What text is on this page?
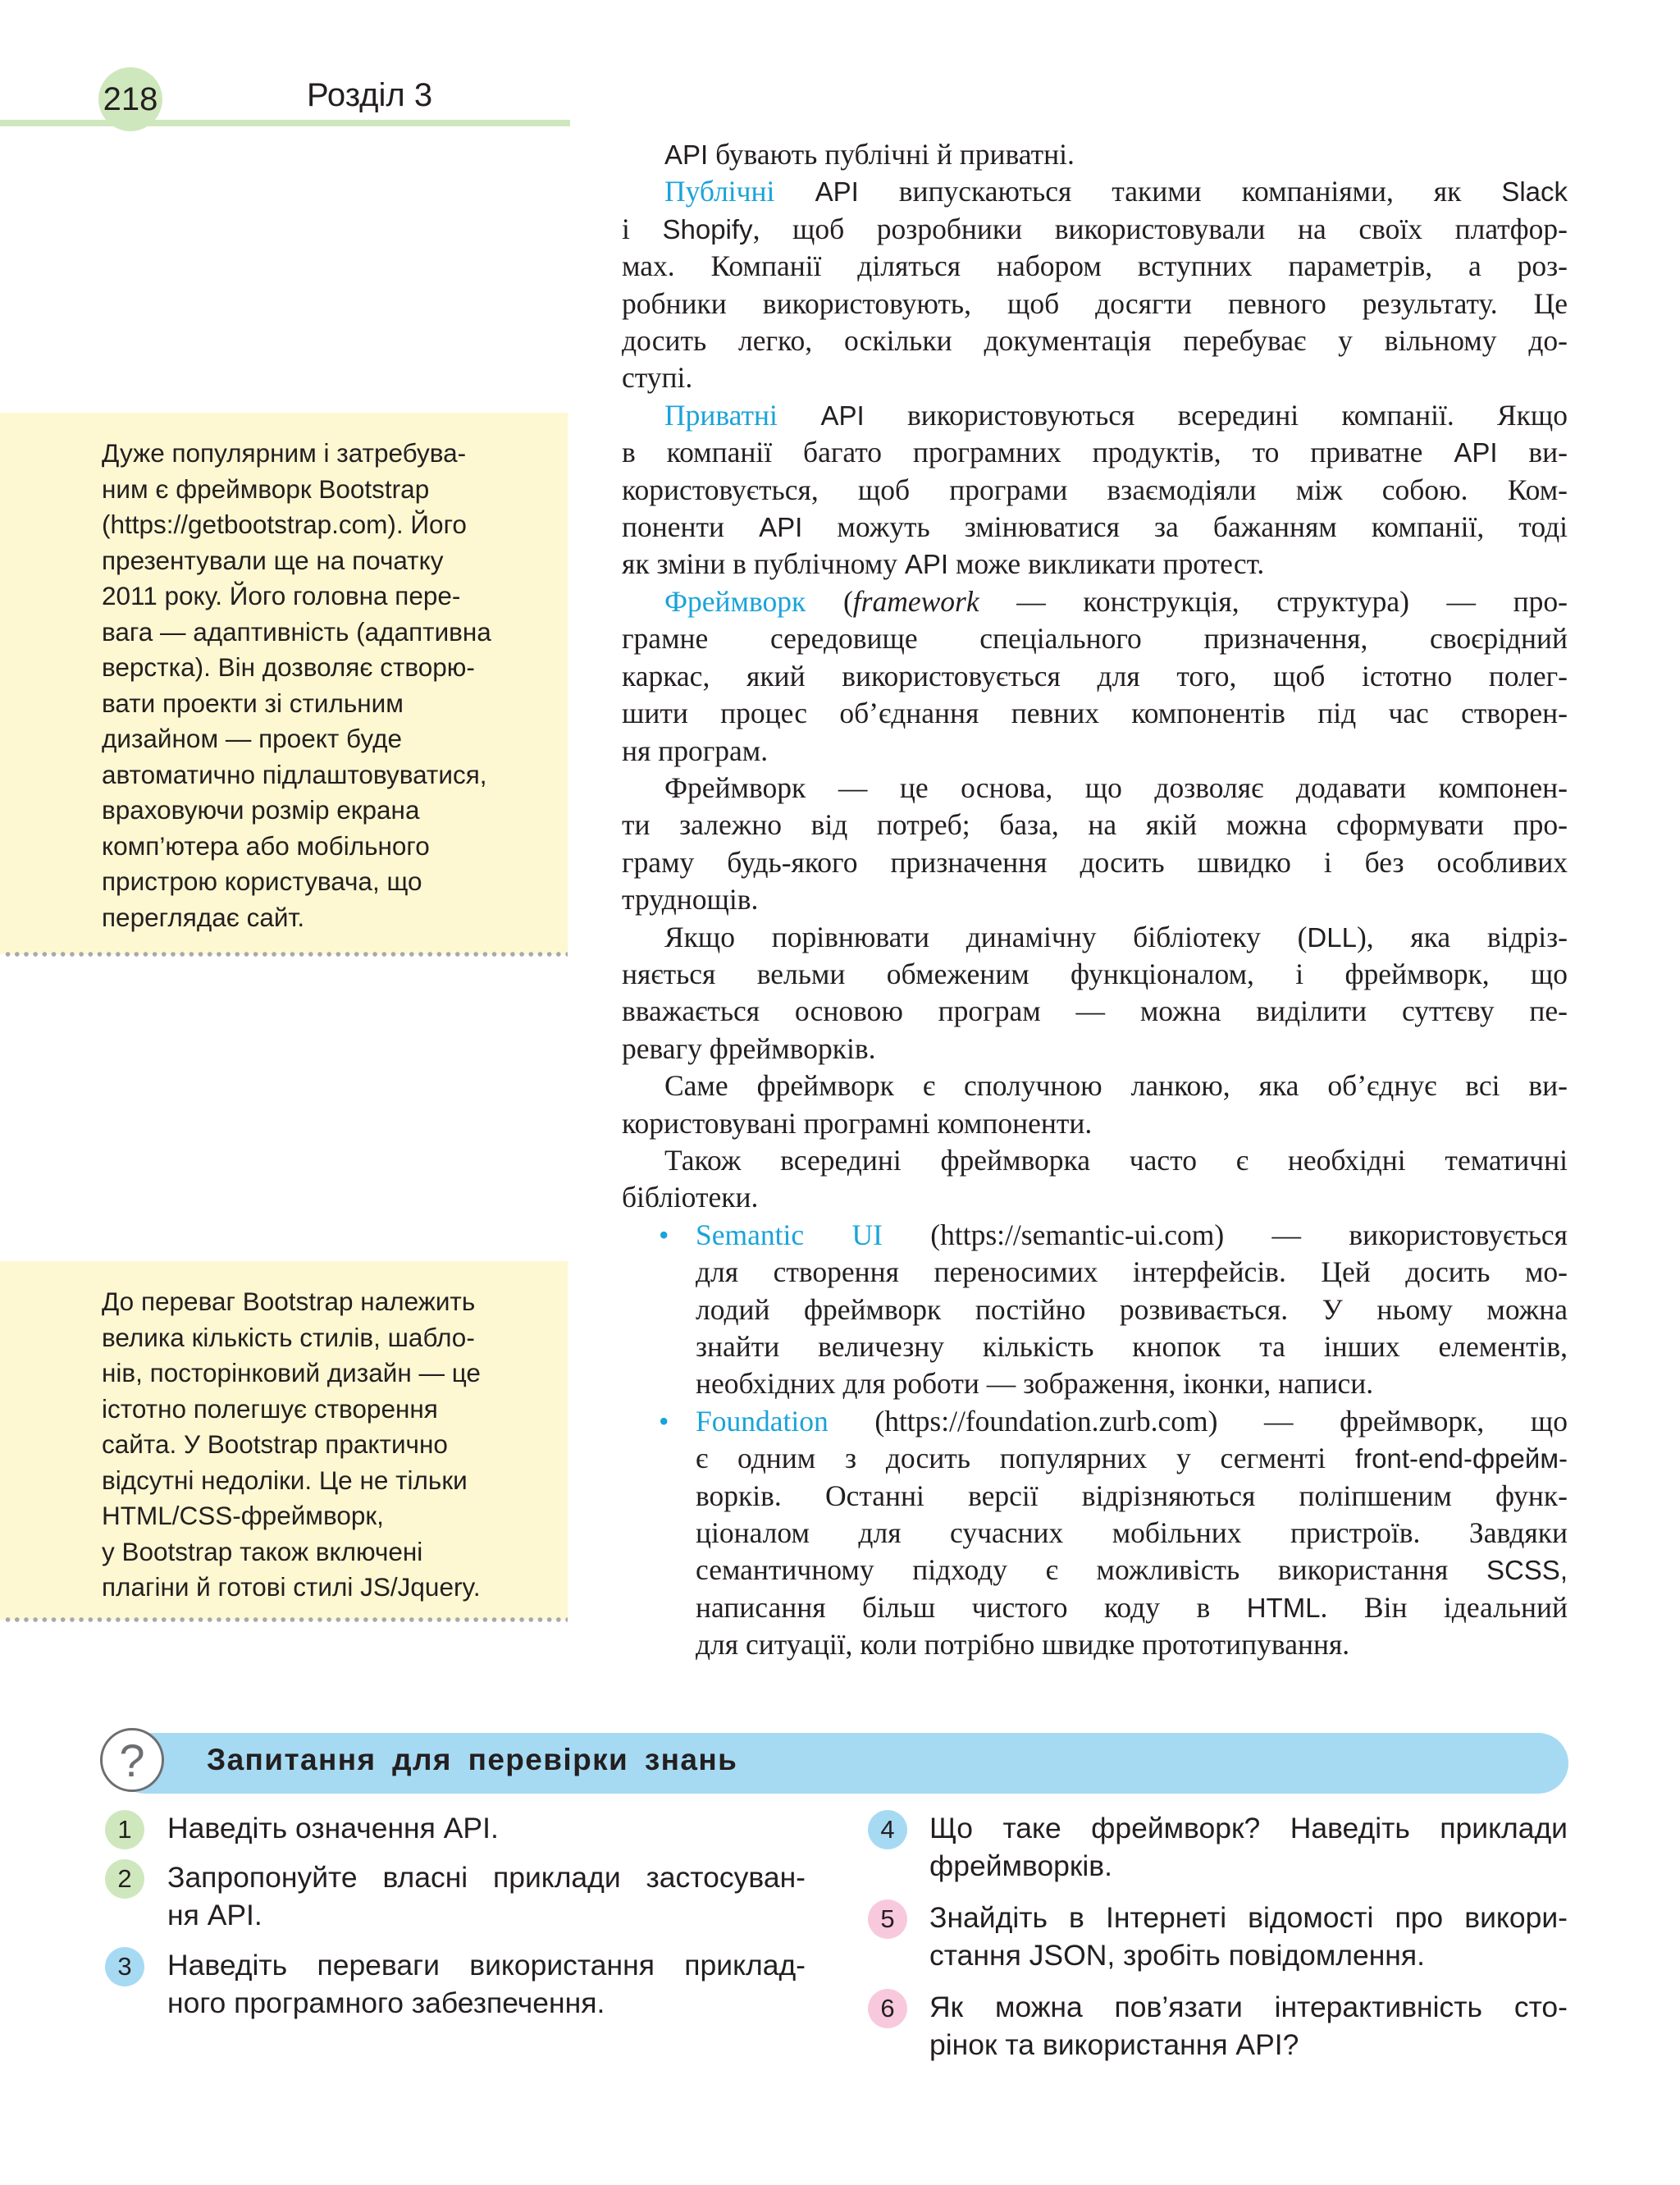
218	Розділ 3
Дуже популярним і затребува-
ним є фреймворк Bootstrap
(https://getbootstrap.com). Його
презентували ще на початку
2011 року. Його головна пере-
вага — адаптивність (адаптивна
верстка). Він дозволяє створю-
вати проекти зі стильним
дизайном — проект буде
автоматично підлаштовуватися,
враховуючи розмір екрана
комп’ютера або мобільного
пристрою користувача, що
переглядає сайт.
До переваг Bootstrap належить
велика кількість стилів, шабло-
нів, посторінковий дизайн — це
істотно полегшує створення
сайта. У Bootstrap практично
відсутні недоліки. Це не тільки
HTML/CSS-фреймворк,
у Bootstrap також включені
плагіни й готові стилі JS/Jquery.
API бувають публічні й приватні.
Публічні API випускаються такими компаніями, як Slack
і Shopify, щоб розробники використовували на своїх платфор-
мах. Компанії діляться набором вступних параметрів, а роз-
робники використовують, щоб досягти певного результату. Це
досить легко, оскільки документація перебуває у вільному до-
ступі.
Приватні API використовуються всередині компанії. Якщо
в компанії багато програмних продуктів, то приватне API ви-
користовується, щоб програми взаємодіяли між собою. Ком-
поненти API можуть змінюватися за бажанням компанії, тоді
як зміни в публічному API може викликати протест.
Фреймворк (framework — конструкція, структура) — про-
грамне середовище спеціального призначення, своєрідний
каркас, який використовується для того, щоб істотно полег-
шити процес об’єднання певних компонентів під час створен-
ня програм.
Фреймворк — це основа, що дозволяє додавати компонен-
ти залежно від потреб; база, на якій можна сформувати про-
граму будь-якого призначення досить швидко і без особливих
труднощів.
Якщо порівнювати динамічну бібліотеку (DLL), яка відріз-
няється вельми обмеженим функціоналом, і фреймворк, що
вважається основою програм — можна виділити суттєву пе-
ревагу фреймворків.
Саме фреймворк є сполучною ланкою, яка об’єднує всі ви-
користовувані програмні компоненти.
Також всередині фреймворка часто є необхідні тематичні
бібліотеки.
• Semantic UI (https://semantic-ui.com) — використовується
для створення переносимих інтерфейсів. Цей досить мо-
лодий фреймворк постійно розвивається. У ньому можна
знайти величезну кількість кнопок та інших елементів,
необхідних для роботи — зображення, іконки, написи.
• Foundation (https://foundation.zurb.com) — фреймворк, що
є одним з досить популярних у сегменті front-end-фрейм-
ворків. Останні версії відрізняються поліпшеним функ-
ціоналом для сучасних мобільних пристроїв. Завдяки
семантичному підходу є можливість використання SCSS,
написання більш чистого коду в HTML. Він ідеальний
для ситуації, коли потрібно швидке прототипування.
?	Запитання для перевірки знань
1	Наведіть означення API.
2	Запропонуйте власні приклади застосуван-
ня API.
3	Наведіть переваги використання приклад-
ного програмного забезпечення.
4	Що таке фреймворк? Наведіть приклади
фреймворків.
5	Знайдіть в Інтернеті відомості про викори-
стання JSON, зробіть повідомлення.
6	Як можна пов’язати інтерактивність сто-
рінок та використання API?
